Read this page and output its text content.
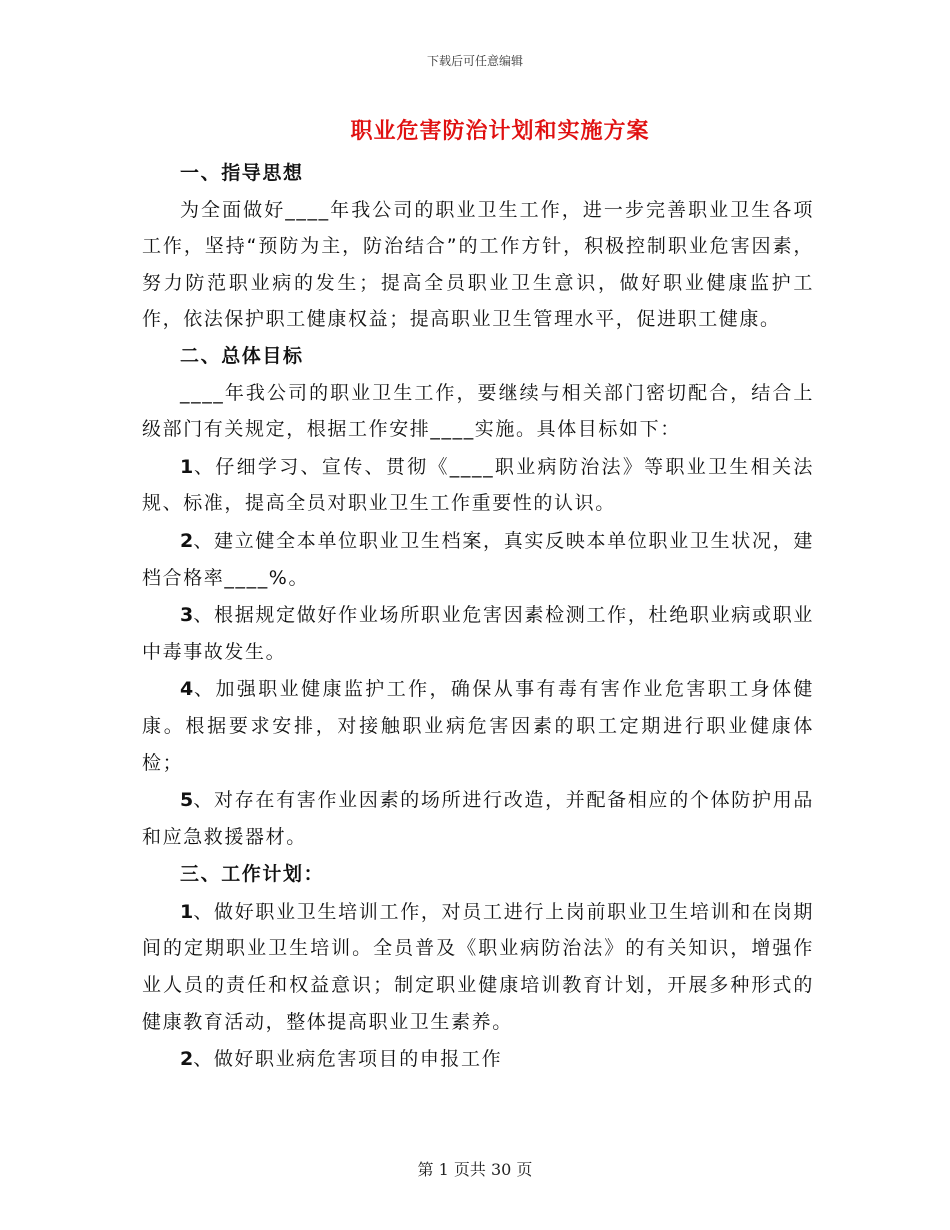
下载后可任意编辑
职业危害防治计划和实施方案

一、指导思想

为全面做好____年我公司的职业卫生工作，进一步完善职业卫生各项工作，坚持“预防为主，防治结合”的工作方针，积极控制职业危害因素，努力防范职业病的发生；提高全员职业卫生意识，做好职业健康监护工作，依法保护职工健康权益；提高职业卫生管理水平，促进职工健康。

二、总体目标

____年我公司的职业卫生工作，要继续与相关部门密切配合，结合上级部门有关规定，根据工作安排____实施。具体目标如下：

1、仔细学习、宣传、贯彻《____职业病防治法》等职业卫生相关法规、标准，提高全员对职业卫生工作重要性的认识。

2、建立健全本单位职业卫生档案，真实反映本单位职业卫生状况，建档合格率____%。

3、根据规定做好作业场所职业危害因素检测工作，杜绝职业病或职业中毒事故发生。

4、加强职业健康监护工作，确保从事有毒有害作业危害职工身体健康。根据要求安排，对接触职业病危害因素的职工定期进行职业健康体检；

5、对存在有害作业因素的场所进行改造，并配备相应的个体防护用品和应急救援器材。

三、工作计划：

1、做好职业卫生培训工作，对员工进行上岗前职业卫生培训和在岗期间的定期职业卫生培训。全员普及《职业病防治法》的有关知识，增强作业人员的责任和权益意识；制定职业健康培训教育计划，开展多种形式的健康教育活动，整体提高职业卫生素养。

2、做好职业病危害项目的申报工作

第 1 页共 30 页
